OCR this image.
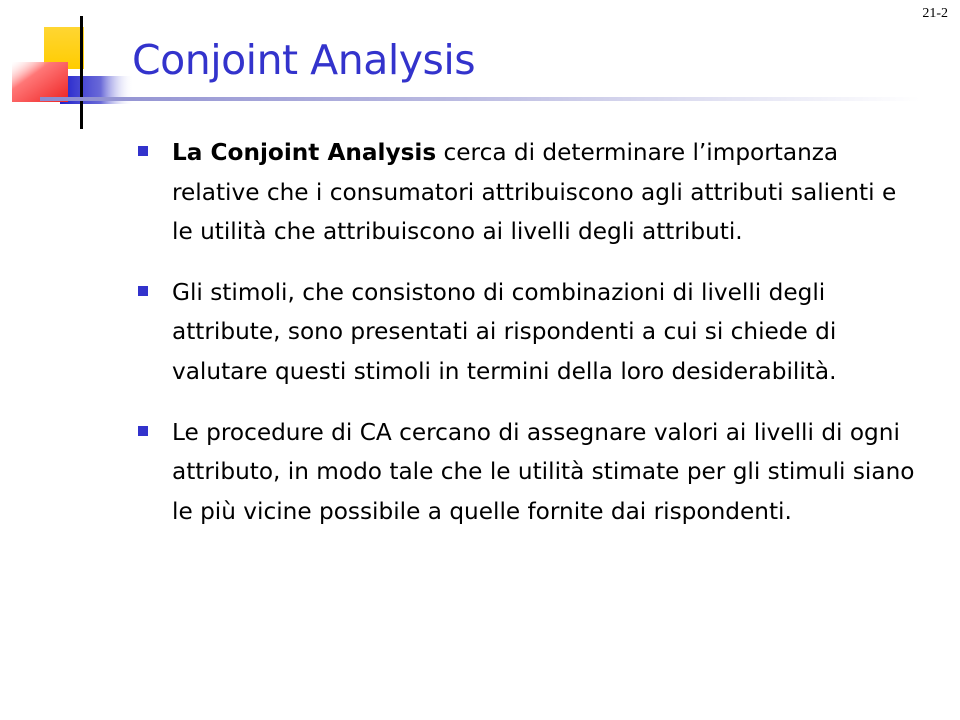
21-2
Conjoint Analysis
La Conjoint Analysis cerca di determinare l’importanza relative che i consumatori attribuiscono agli attributi salienti e le utilità che attribuiscono ai livelli degli attributi.
Gli stimoli, che consistono di combinazioni di livelli degli attribute, sono presentati ai rispondenti a cui si chiede di valutare questi stimoli in termini della loro desiderabilità.
Le procedure di CA cercano di assegnare valori ai livelli di ogni attributo, in modo tale che le utilità stimate per gli stimuli siano le più vicine possibile a quelle fornite dai rispondenti.
